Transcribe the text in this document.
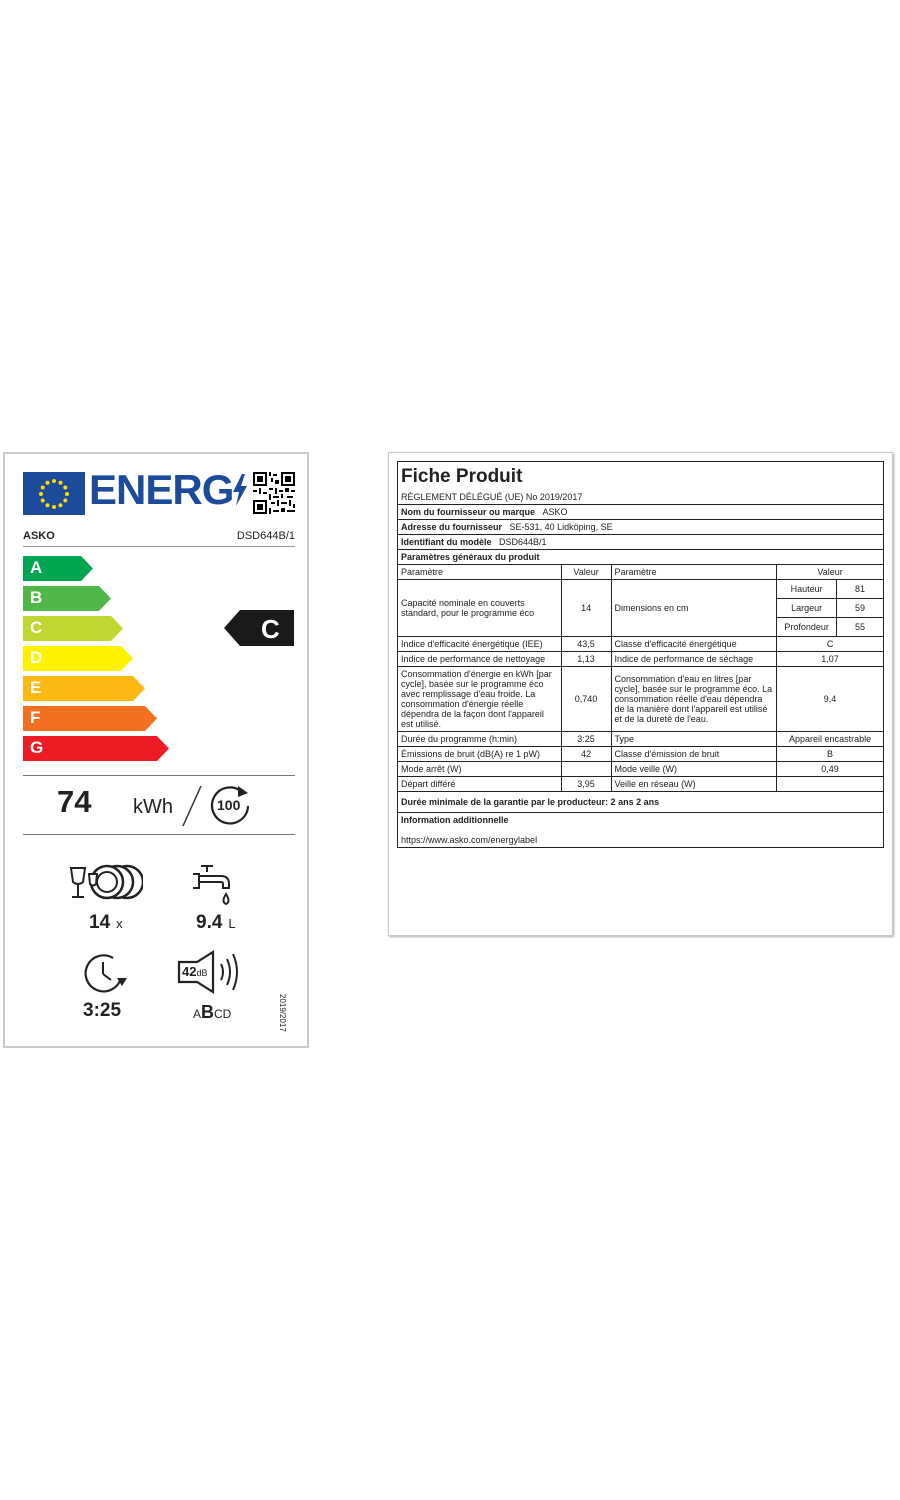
ENERG
ASKO	DSD644B/1
A
B
C
D
E
F
G
C
74 kWh	100
14 x	9.4 L
3:25
42dB
ABCD	2019/2017
Fiche Produit				
RÈGLEMENT DÉLÉGUÉ (UE) No 2019/2017				
Nom du fournisseur ou marque ASKO				
Adresse du fournisseur SE-531, 40 Lidköping, SE				
Identifiant du modèle DSD644B/1				
Paramètres généraux du produit				
Paramètre	Valeur	Paramètre	Valeur	
Capacité nominale en couverts standard, pour le programme éco	14	Dimensions en cm	Hauteur	81
			Largeur	59
			Profondeur	55
Indice d'efficacité énergétique (IEE)	43,5	Classe d'efficacité énergétique	C	
Indice de performance de nettoyage	1,13	Indice de performance de séchage	1,07	
Consommation d'énergie en kWh [par cycle], basée sur le programme éco avec remplissage d'eau froide. La consommation d'énergie réelle dépendra de la façon dont l'appareil est utilisé.	0,740	Consommation d'eau en litres [par cycle], basée sur le programme éco. La consommation réelle d'eau dépendra de la manière dont l'appareil est utilisé et de la dureté de l'eau.	9,4	
Durée du programme (h:min)	3:25	Type	Appareil encastrable	
Émissions de bruit (dB(A) re 1 pW)	42	Classe d'émission de bruit	B	
Mode arrêt (W)		Mode veille (W)	0,49	
Départ différé	3,95	Veille en réseau (W)		
Durée minimale de la garantie par le producteur: 2 ans 2 ans				
Information additionnelle				
https://www.asko.com/energylabel				
